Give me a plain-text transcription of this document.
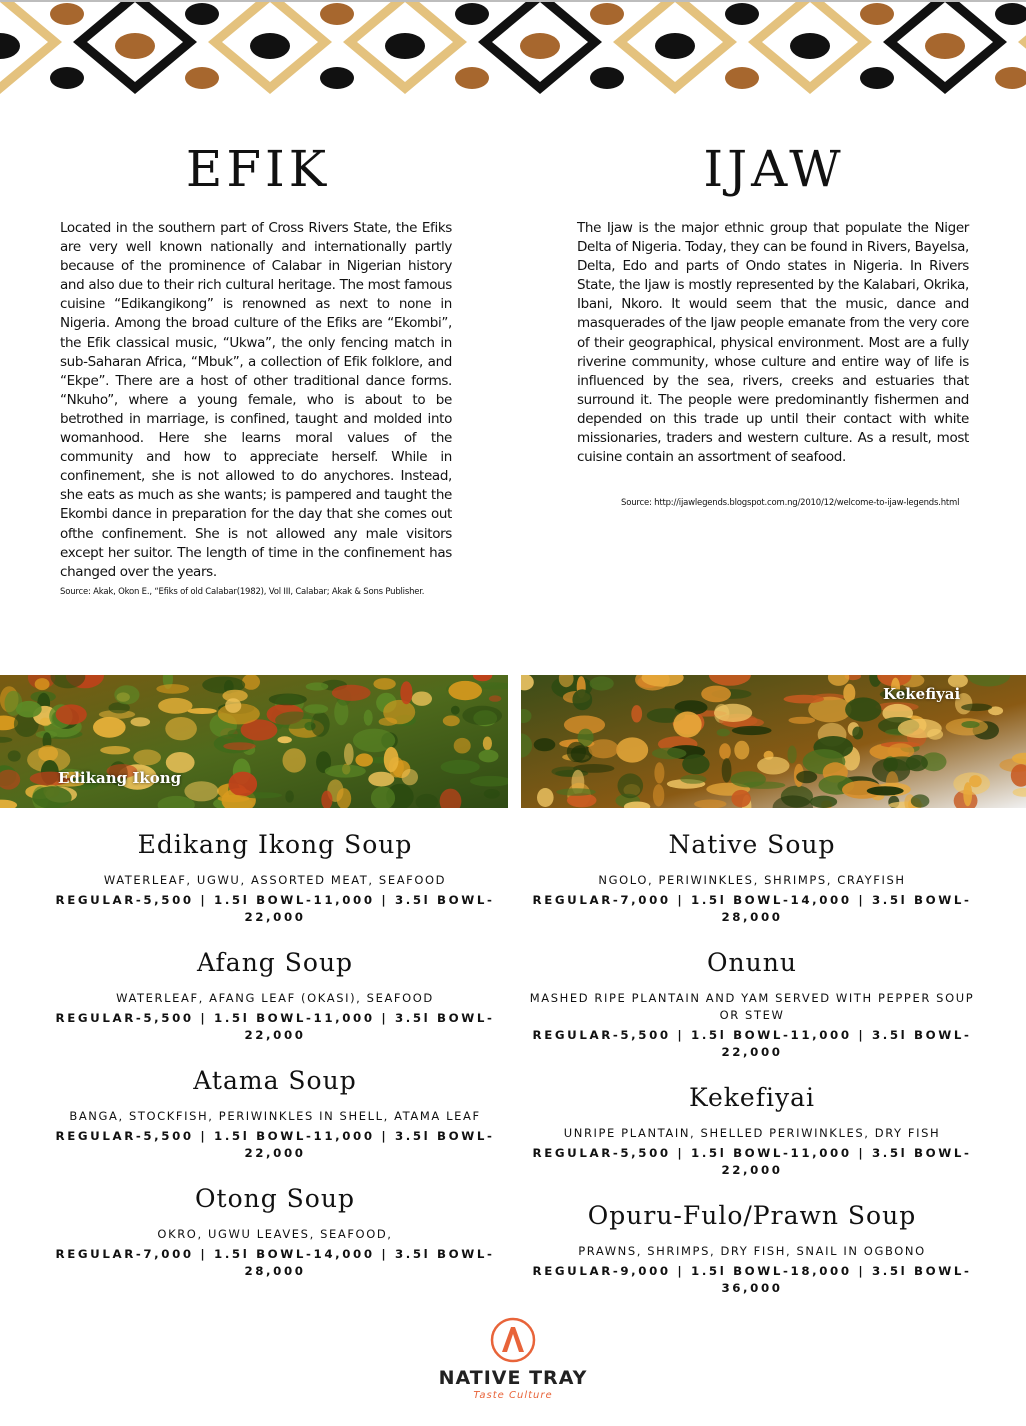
EFIK

Located in the southern part of Cross Rivers State, the Efiks are very well known nationally and internationally partly because of the prominence of Calabar in Nigerian history and also due to their rich cultural heritage. The most famous cuisine “Edikangikong” is renowned as next to none in Nigeria. Among the broad culture of the Efiks are “Ekombi”, the Efik classical music, “Ukwa”, the only fencing match in sub-Saharan Africa, “Mbuk”, a collection of Efik folklore, and “Ekpe”. There are a host of other traditional dance forms. “Nkuho”, where a young female, who is about to be betrothed in marriage, is confined, taught and molded into womanhood. Here she learns moral values of the community and how to appreciate herself. While in confinement, she is not allowed to do anychores. Instead, she eats as much as she wants; is pampered and taught the Ekombi dance in preparation for the day that she comes out ofthe confinement. She is not allowed any male visitors except her suitor. The length of time in the confinement has changed over the years.

Source: Akak, Okon E., “Efiks of old Calabar(1982), Vol III, Calabar; Akak & Sons Publisher.

IJAW

The Ijaw is the major ethnic group that populate the Niger Delta of Nigeria. Today, they can be found in Rivers, Bayelsa, Delta, Edo and parts of Ondo states in Nigeria. In Rivers State, the Ijaw is mostly represented by the Kalabari, Okrika, Ibani, Nkoro. It would seem that the music, dance and masquerades of the Ijaw people emanate from the very core of their geographical, physical environment. Most are a fully riverine community, whose culture and entire way of life is influenced by the sea, rivers, creeks and estuaries that surround it. The people were predominantly fishermen and depended on this trade up until their contact with white missionaries, traders and western culture. As a result, most cuisine contain an assortment of seafood.

Source: http://ijawlegends.blogspot.com.ng/2010/12/welcome-to-ijaw-legends.html

Edikang Ikong
Kekefiyai
Edikang Ikong Soup

WATERLEAF, UGWU, ASSORTED MEAT, SEAFOOD

REGULAR-5,500 | 1.5l BOWL-11,000 | 3.5l BOWL-22,000

Afang Soup

WATERLEAF, AFANG LEAF (OKASI), SEAFOOD

REGULAR-5,500 | 1.5l BOWL-11,000 | 3.5l BOWL-22,000

Atama Soup

BANGA, STOCKFISH, PERIWINKLES IN SHELL, ATAMA LEAF

REGULAR-5,500 | 1.5l BOWL-11,000 | 3.5l BOWL-22,000

Otong Soup

OKRO, UGWU LEAVES, SEAFOOD,

REGULAR-7,000 | 1.5l BOWL-14,000 | 3.5l BOWL-28,000

Native Soup

NGOLO, PERIWINKLES, SHRIMPS, CRAYFISH

REGULAR-7,000 | 1.5l BOWL-14,000 | 3.5l BOWL-28,000

Onunu

MASHED RIPE PLANTAIN AND YAM SERVED WITH PEPPER SOUP OR STEW

REGULAR-5,500 | 1.5l BOWL-11,000 | 3.5l BOWL-22,000

Kekefiyai

UNRIPE PLANTAIN, SHELLED PERIWINKLES, DRY FISH

REGULAR-5,500 | 1.5l BOWL-11,000 | 3.5l BOWL-22,000

Opuru-Fulo/Prawn Soup

PRAWNS, SHRIMPS, DRY FISH, SNAIL IN OGBONO

REGULAR-9,000 | 1.5l BOWL-18,000 | 3.5l BOWL-36,000

NATIVE TRAY
Taste Culture
